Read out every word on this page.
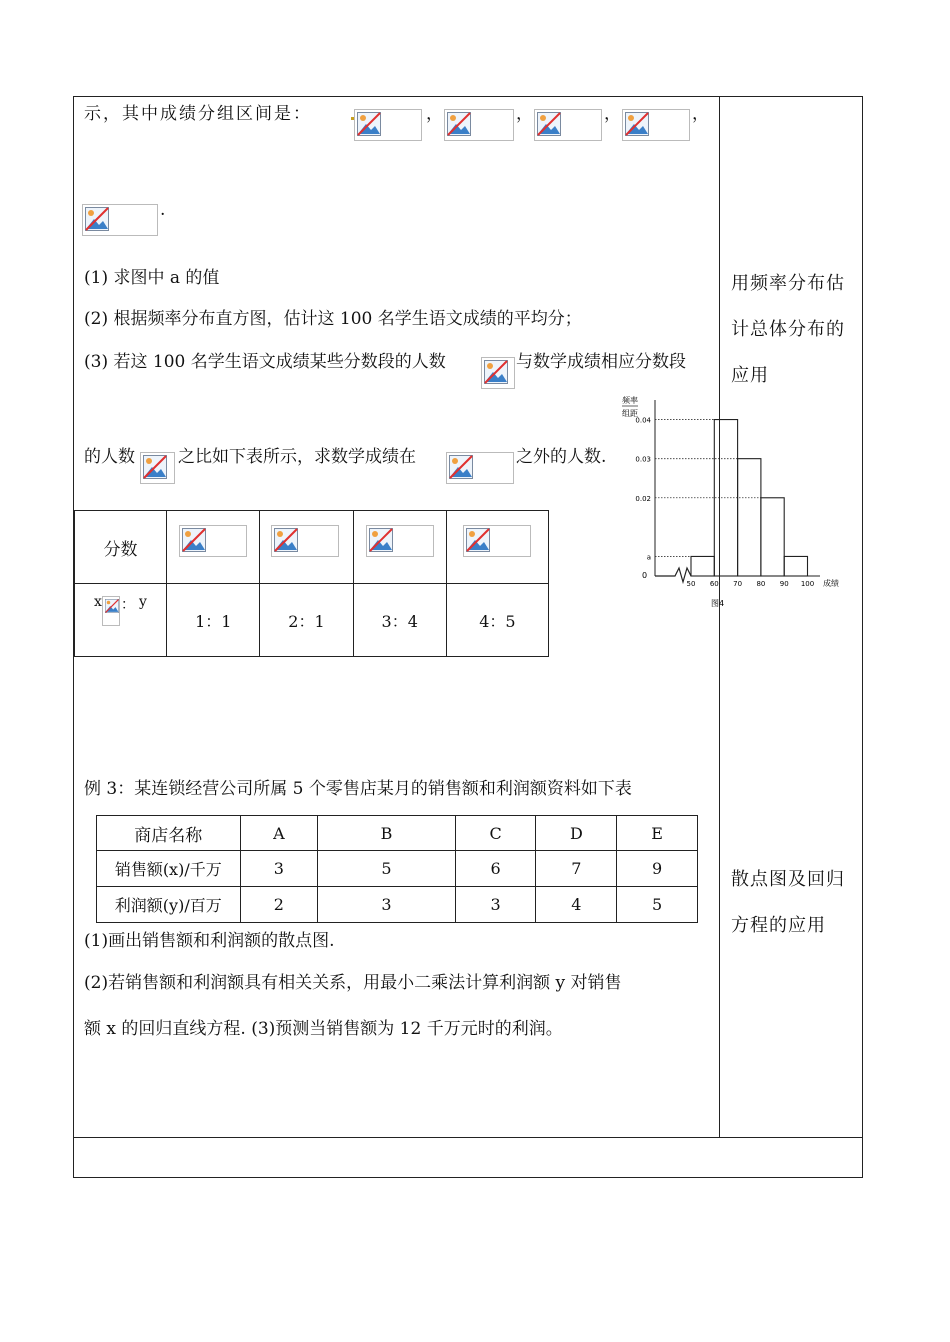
示，其中成绩分组区间是：	，	，	，	，
.
(1) 求图中 a 的值
(2) 根据频率分布直方图，估计这 100 名学生语文成绩的平均分；
(3) 若这 100 名学生语文成绩某些分数段的人数	与数学成绩相应分数段
的人数	之比如下表所示，求数学成绩在	之外的人数.
分数	

x ： y	1：1	2：1	3：4	4：5
频率
组距
0
成绩
图4
a
0.02
0.03
0.04
50 60 70 80 90 100
例 3：某连锁经营公司所属 5 个零售店某月的销售额和利润额资料如下表
商店名称	A	B	C	D	E
销售额(x)/千万	3	5	6	7	9
利润额(y)/百万	2	3	3	4	5
(1)画出销售额和利润额的散点图.
(2)若销售额和利润额具有相关关系，用最小二乘法计算利润额 y 对销售
额 x 的回归直线方程. (3)预测当销售额为 12 千万元时的利润。
用频率分布估计总体分布的应用
散点图及回归方程的应用
